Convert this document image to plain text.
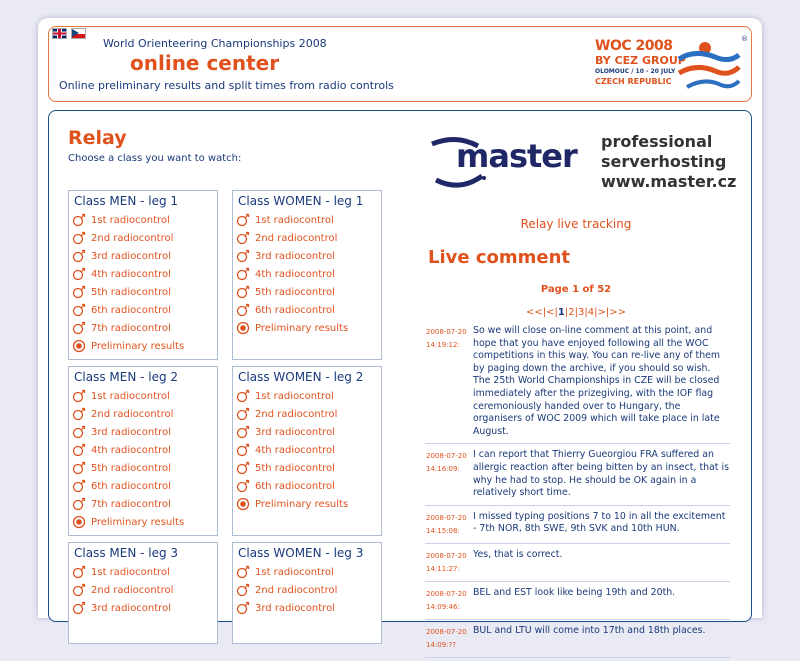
World Orienteering Championships 2008
online center
Online preliminary results and split times from radio controls
WOC 2008
BY CEZ GROUP
OLOMOUC / 10 - 20 JULY
CZECH REPUBLIC
®
Relay
Choose a class you want to watch:
Class MEN - leg 1
1st radiocontrol
2nd radiocontrol
3rd radiocontrol
4th radiocontrol
5th radiocontrol
6th radiocontrol
7th radiocontrol
Preliminary results
Class WOMEN - leg 1
1st radiocontrol
2nd radiocontrol
3rd radiocontrol
4th radiocontrol
5th radiocontrol
6th radiocontrol
Preliminary results
Class MEN - leg 2
1st radiocontrol
2nd radiocontrol
3rd radiocontrol
4th radiocontrol
5th radiocontrol
6th radiocontrol
7th radiocontrol
Preliminary results
Class WOMEN - leg 2
1st radiocontrol
2nd radiocontrol
3rd radiocontrol
4th radiocontrol
5th radiocontrol
6th radiocontrol
Preliminary results
Class MEN - leg 3
1st radiocontrol
2nd radiocontrol
3rd radiocontrol
Class WOMEN - leg 3
1st radiocontrol
2nd radiocontrol
3rd radiocontrol
master professional
serverhosting
www.master.cz
Relay live tracking
Live comment
Page 1 of 52
<<|<|1|2|3|4|>|>>
2008-07-20
14:19:12:
So we will close on-line comment at this point, and hope that you have enjoyed following all the WOC competitions in this way. You can re-live any of them by paging down the archive, if you should so wish. The 25th World Championships in CZE will be closed immediately after the prizegiving, with the IOF flag ceremoniously handed over to Hungary, the organisers of WOC 2009 which will take place in late August.
2008-07-20
14:16:09:
I can report that Thierry Gueorgiou FRA suffered an allergic reaction after being bitten by an insect, that is why he had to stop. He should be OK again in a relatively short time.
2008-07-20
14:15:08:
I missed typing positions 7 to 10 in all the excitement - 7th NOR, 8th SWE, 9th SVK and 10th HUN.
2008-07-20
14:11:27:
Yes, that is correct.
2008-07-20
14:09:46:
BEL and EST look like being 19th and 20th.
2008-07-20
14:09:??
BUL and LTU will come into 17th and 18th places.
